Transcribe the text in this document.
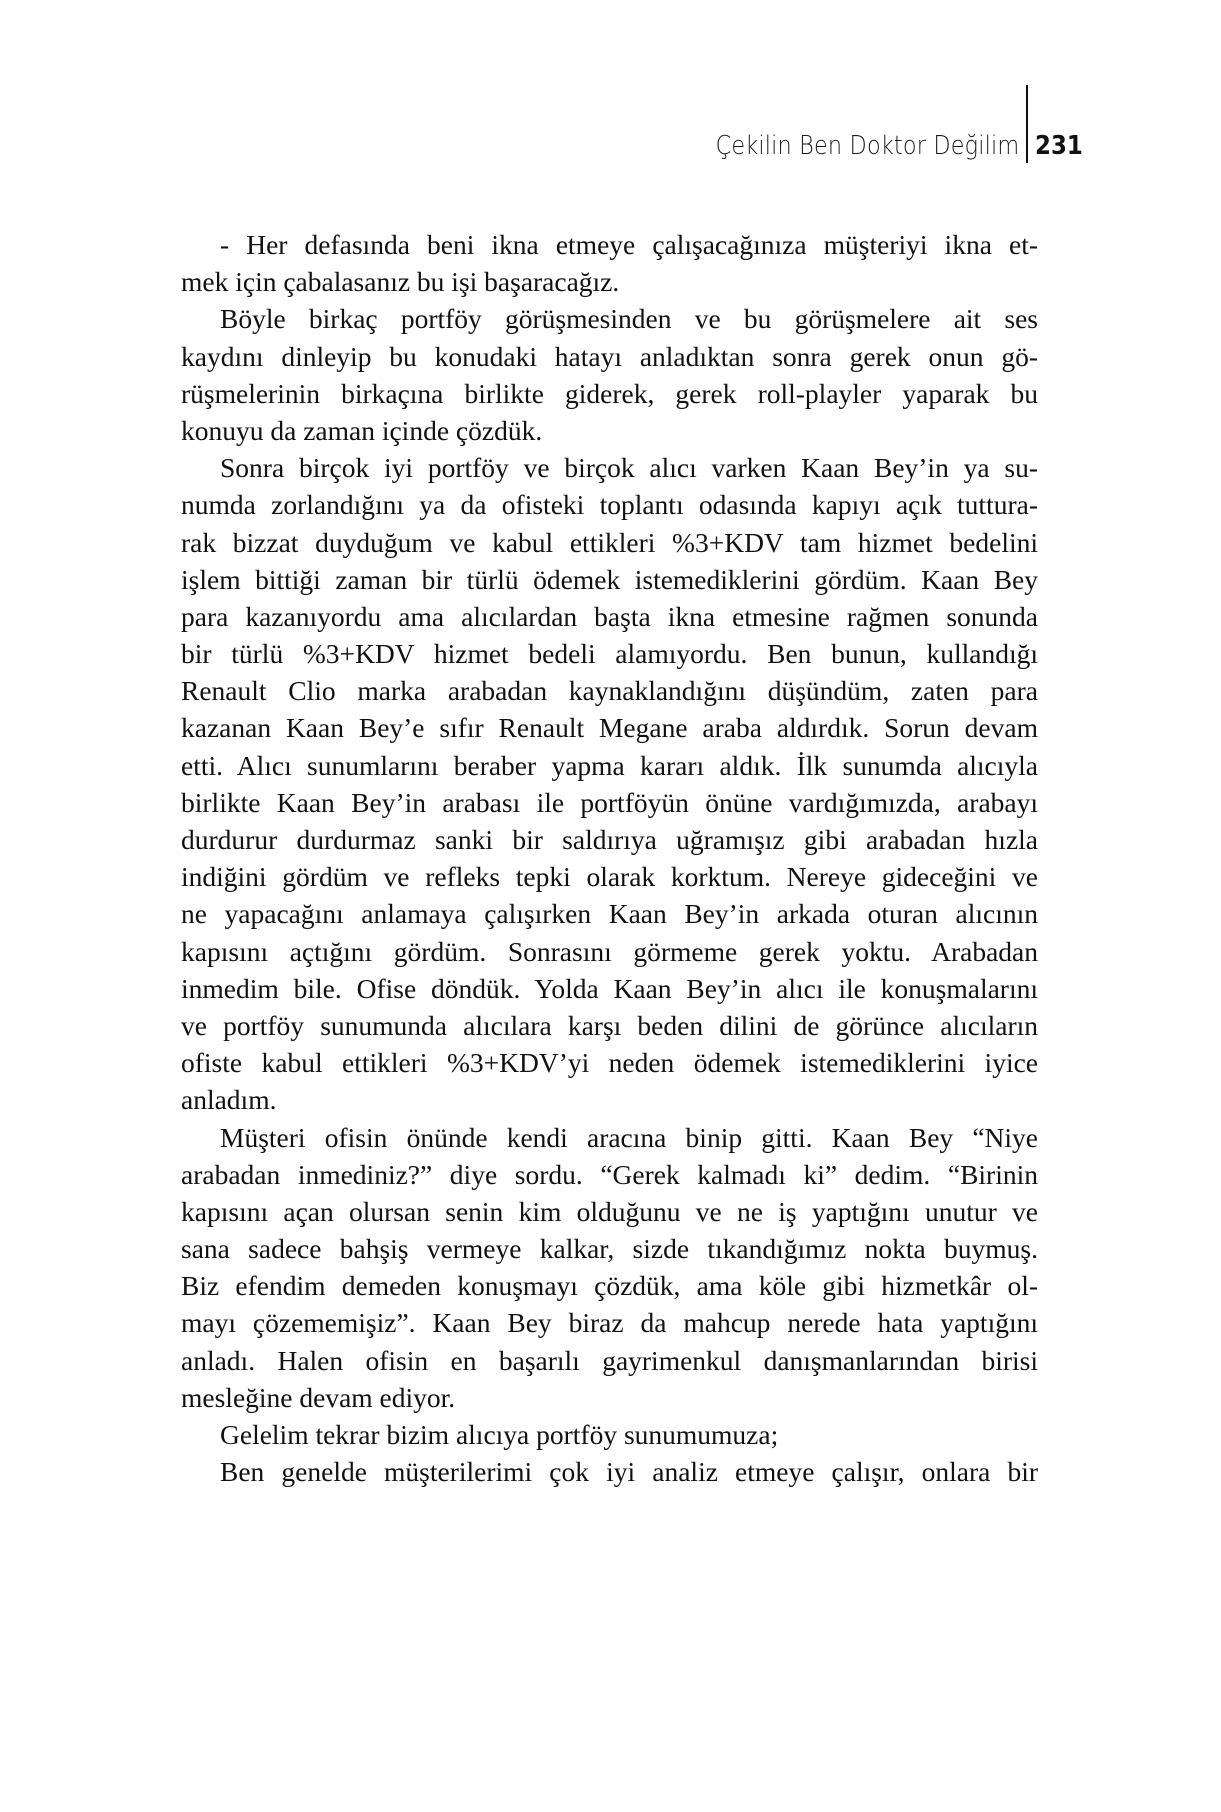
Çekilin Ben Doktor Değilim 231
- Her defasında beni ikna etmeye çalışacağınıza müşteriyi ikna et-
mek için çabalasanız bu işi başaracağız.
Böyle birkaç portföy görüşmesinden ve bu görüşmelere ait ses
kaydını dinleyip bu konudaki hatayı anladıktan sonra gerek onun gö-
rüşmelerinin birkaçına birlikte giderek, gerek roll-playler yaparak bu
konuyu da zaman içinde çözdük.
Sonra birçok iyi portföy ve birçok alıcı varken Kaan Bey’in ya su-
numda zorlandığını ya da ofisteki toplantı odasında kapıyı açık tuttura-
rak bizzat duyduğum ve kabul ettikleri %3+KDV tam hizmet bedelini
işlem bittiği zaman bir türlü ödemek istemediklerini gördüm. Kaan Bey
para kazanıyordu ama alıcılardan başta ikna etmesine rağmen sonunda
bir türlü %3+KDV hizmet bedeli alamıyordu. Ben bunun, kullandığı
Renault Clio marka arabadan kaynaklandığını düşündüm, zaten para
kazanan Kaan Bey’e sıfır Renault Megane araba aldırdık. Sorun devam
etti. Alıcı sunumlarını beraber yapma kararı aldık. İlk sunumda alıcıyla
birlikte Kaan Bey’in arabası ile portföyün önüne vardığımızda, arabayı
durdurur durdurmaz sanki bir saldırıya uğramışız gibi arabadan hızla
indiğini gördüm ve refleks tepki olarak korktum. Nereye gideceğini ve
ne yapacağını anlamaya çalışırken Kaan Bey’in arkada oturan alıcının
kapısını açtığını gördüm. Sonrasını görmeme gerek yoktu. Arabadan
inmedim bile. Ofise döndük. Yolda Kaan Bey’in alıcı ile konuşmalarını
ve portföy sunumunda alıcılara karşı beden dilini de görünce alıcıların
ofiste kabul ettikleri %3+KDV’yi neden ödemek istemediklerini iyice
anladım.
Müşteri ofisin önünde kendi aracına binip gitti. Kaan Bey “Niye
arabadan inmediniz?” diye sordu. “Gerek kalmadı ki” dedim. “Birinin
kapısını açan olursan senin kim olduğunu ve ne iş yaptığını unutur ve
sana sadece bahşiş vermeye kalkar, sizde tıkandığımız nokta buymuş.
Biz efendim demeden konuşmayı çözdük, ama köle gibi hizmetkâr ol-
mayı çözememişiz”. Kaan Bey biraz da mahcup nerede hata yaptığını
anladı. Halen ofisin en başarılı gayrimenkul danışmanlarından birisi
mesleğine devam ediyor.
Gelelim tekrar bizim alıcıya portföy sunumumuza;
Ben genelde müşterilerimi çok iyi analiz etmeye çalışır, onlara bir
